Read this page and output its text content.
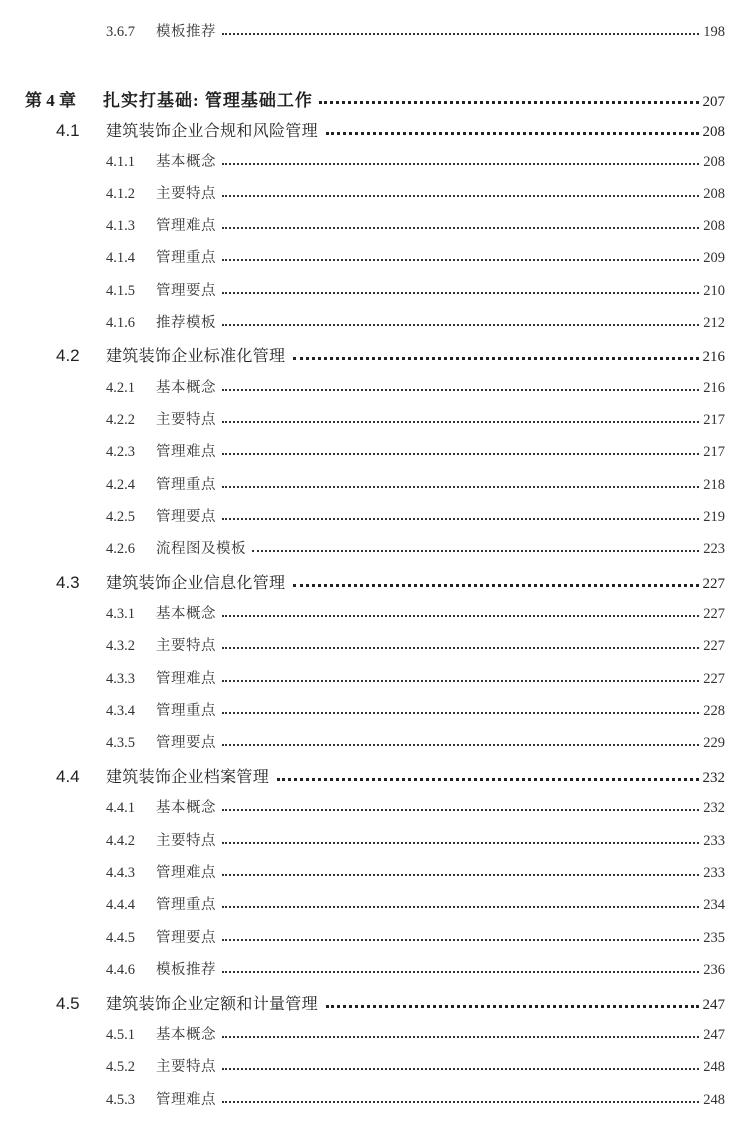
3.6.7	模板推荐	198
第 4 章	扎实打基础: 管理基础工作	207
4.1	建筑装饰企业合规和风险管理	208
4.1.1	基本概念	208
4.1.2	主要特点	208
4.1.3	管理难点	208
4.1.4	管理重点	209
4.1.5	管理要点	210
4.1.6	推荐模板	212
4.2	建筑装饰企业标准化管理	216
4.2.1	基本概念	216
4.2.2	主要特点	217
4.2.3	管理难点	217
4.2.4	管理重点	218
4.2.5	管理要点	219
4.2.6	流程图及模板	223
4.3	建筑装饰企业信息化管理	227
4.3.1	基本概念	227
4.3.2	主要特点	227
4.3.3	管理难点	227
4.3.4	管理重点	228
4.3.5	管理要点	229
4.4	建筑装饰企业档案管理	232
4.4.1	基本概念	232
4.4.2	主要特点	233
4.4.3	管理难点	233
4.4.4	管理重点	234
4.4.5	管理要点	235
4.4.6	模板推荐	236
4.5	建筑装饰企业定额和计量管理	247
4.5.1	基本概念	247
4.5.2	主要特点	248
4.5.3	管理难点	248
